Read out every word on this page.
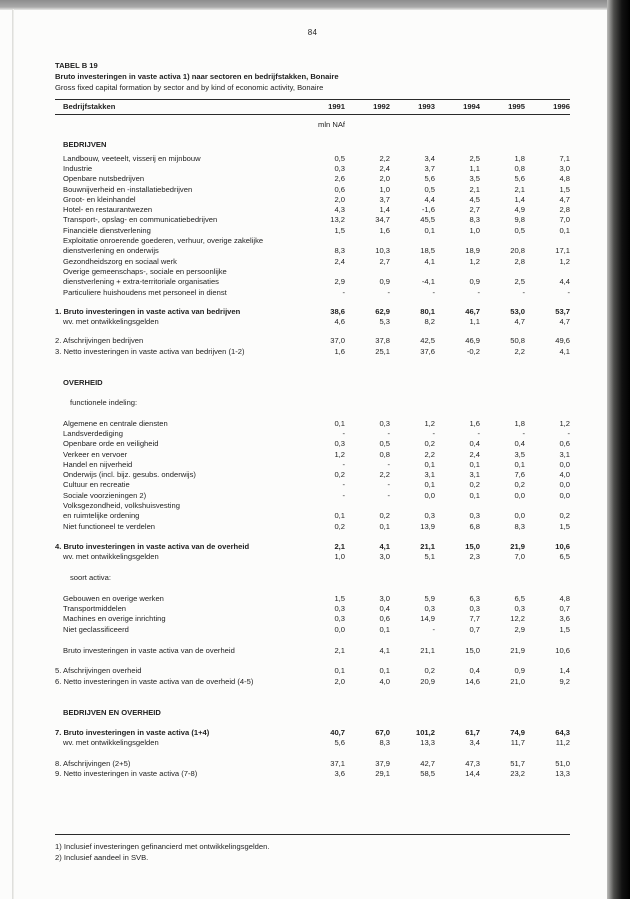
84
TABEL B 19
Bruto investeringen in vaste activa 1) naar sectoren en bedrijfstakken, Bonaire
Gross fixed capital formation by sector and by kind of economic activity, Bonaire
Bedrijfstakken	1991	1992	1993	1994	1995	1996
mln NAf
BEDRIJVEN
Landbouw, veeteelt, visserij en mijnbouw	0,5	2,2	3,4	2,5	1,8	7,1
Industrie	0,3	2,4	3,7	1,1	0,8	3,0
Openbare nutsbedrijven	2,6	2,0	5,6	3,5	5,6	4,8
Bouwnijverheid en -installatiebedrijven	0,6	1,0	0,5	2,1	2,1	1,5
Groot- en kleinhandel	2,0	3,7	4,4	4,5	1,4	4,7
Hotel- en restaurantwezen	4,3	1,4	-1,6	2,7	4,9	2,8
Transport-, opslag- en communicatiebedrijven	13,2	34,7	45,5	8,3	9,8	7,0
Financiële dienstverlening	1,5	1,6	0,1	1,0	0,5	0,1
Exploitatie onroerende goederen, verhuur, overige zakelijke
dienstverlening en onderwijs	8,3	10,3	18,5	18,9	20,8	17,1
Gezondheidszorg en sociaal werk	2,4	2,7	4,1	1,2	2,8	1,2
Overige gemeenschaps-, sociale en persoonlijke
dienstverlening + extra-territoriale organisaties	2,9	0,9	-4,1	0,9	2,5	4,4
Particuliere huishoudens met personeel in dienst	-	-	-	-	-	-
1. Bruto investeringen in vaste activa van bedrijven	38,6	62,9	80,1	46,7	53,0	53,7
wv. met ontwikkelingsgelden	4,6	5,3	8,2	1,1	4,7	4,7
2. Afschrijvingen bedrijven	37,0	37,8	42,5	46,9	50,8	49,6
3. Netto investeringen in vaste activa van bedrijven (1-2)	1,6	25,1	37,6	-0,2	2,2	4,1
OVERHEID
functionele indeling:
Algemene en centrale diensten	0,1	0,3	1,2	1,6	1,8	1,2
Landsverdediging	-	-	-	-	-	-
Openbare orde en veiligheid	0,3	0,5	0,2	0,4	0,4	0,6
Verkeer en vervoer	1,2	0,8	2,2	2,4	3,5	3,1
Handel en nijverheid	-	-	0,1	0,1	0,1	0,0
Onderwijs (incl. bijz. gesubs. onderwijs)	0,2	2,2	3,1	3,1	7,6	4,0
Cultuur en recreatie	-	-	0,1	0,2	0,2	0,0
Sociale voorzieningen 2)	-	-	0,0	0,1	0,0	0,0
Volksgezondheid, volkshuisvesting
en ruimtelijke ordening	0,1	0,2	0,3	0,3	0,0	0,2
Niet functioneel te verdelen	0,2	0,1	13,9	6,8	8,3	1,5
4. Bruto investeringen in vaste activa van de overheid	2,1	4,1	21,1	15,0	21,9	10,6
wv. met ontwikkelingsgelden	1,0	3,0	5,1	2,3	7,0	6,5
soort activa:
Gebouwen en overige werken	1,5	3,0	5,9	6,3	6,5	4,8
Transportmiddelen	0,3	0,4	0,3	0,3	0,3	0,7
Machines en overige inrichting	0,3	0,6	14,9	7,7	12,2	3,6
Niet geclassificeerd	0,0	0,1	-	0,7	2,9	1,5
Bruto investeringen in vaste activa van de overheid	2,1	4,1	21,1	15,0	21,9	10,6
5. Afschrijvingen overheid	0,1	0,1	0,2	0,4	0,9	1,4
6. Netto investeringen in vaste activa van de overheid (4-5)	2,0	4,0	20,9	14,6	21,0	9,2
BEDRIJVEN EN OVERHEID
7. Bruto investeringen in vaste activa (1+4)	40,7	67,0	101,2	61,7	74,9	64,3
wv. met ontwikkelingsgelden	5,6	8,3	13,3	3,4	11,7	11,2
8. Afschrijvingen (2+5)	37,1	37,9	42,7	47,3	51,7	51,0
9. Netto investeringen in vaste activa (7-8)	3,6	29,1	58,5	14,4	23,2	13,3
1) Inclusief investeringen gefinancierd met ontwikkelingsgelden.
2) Inclusief aandeel in SVB.
